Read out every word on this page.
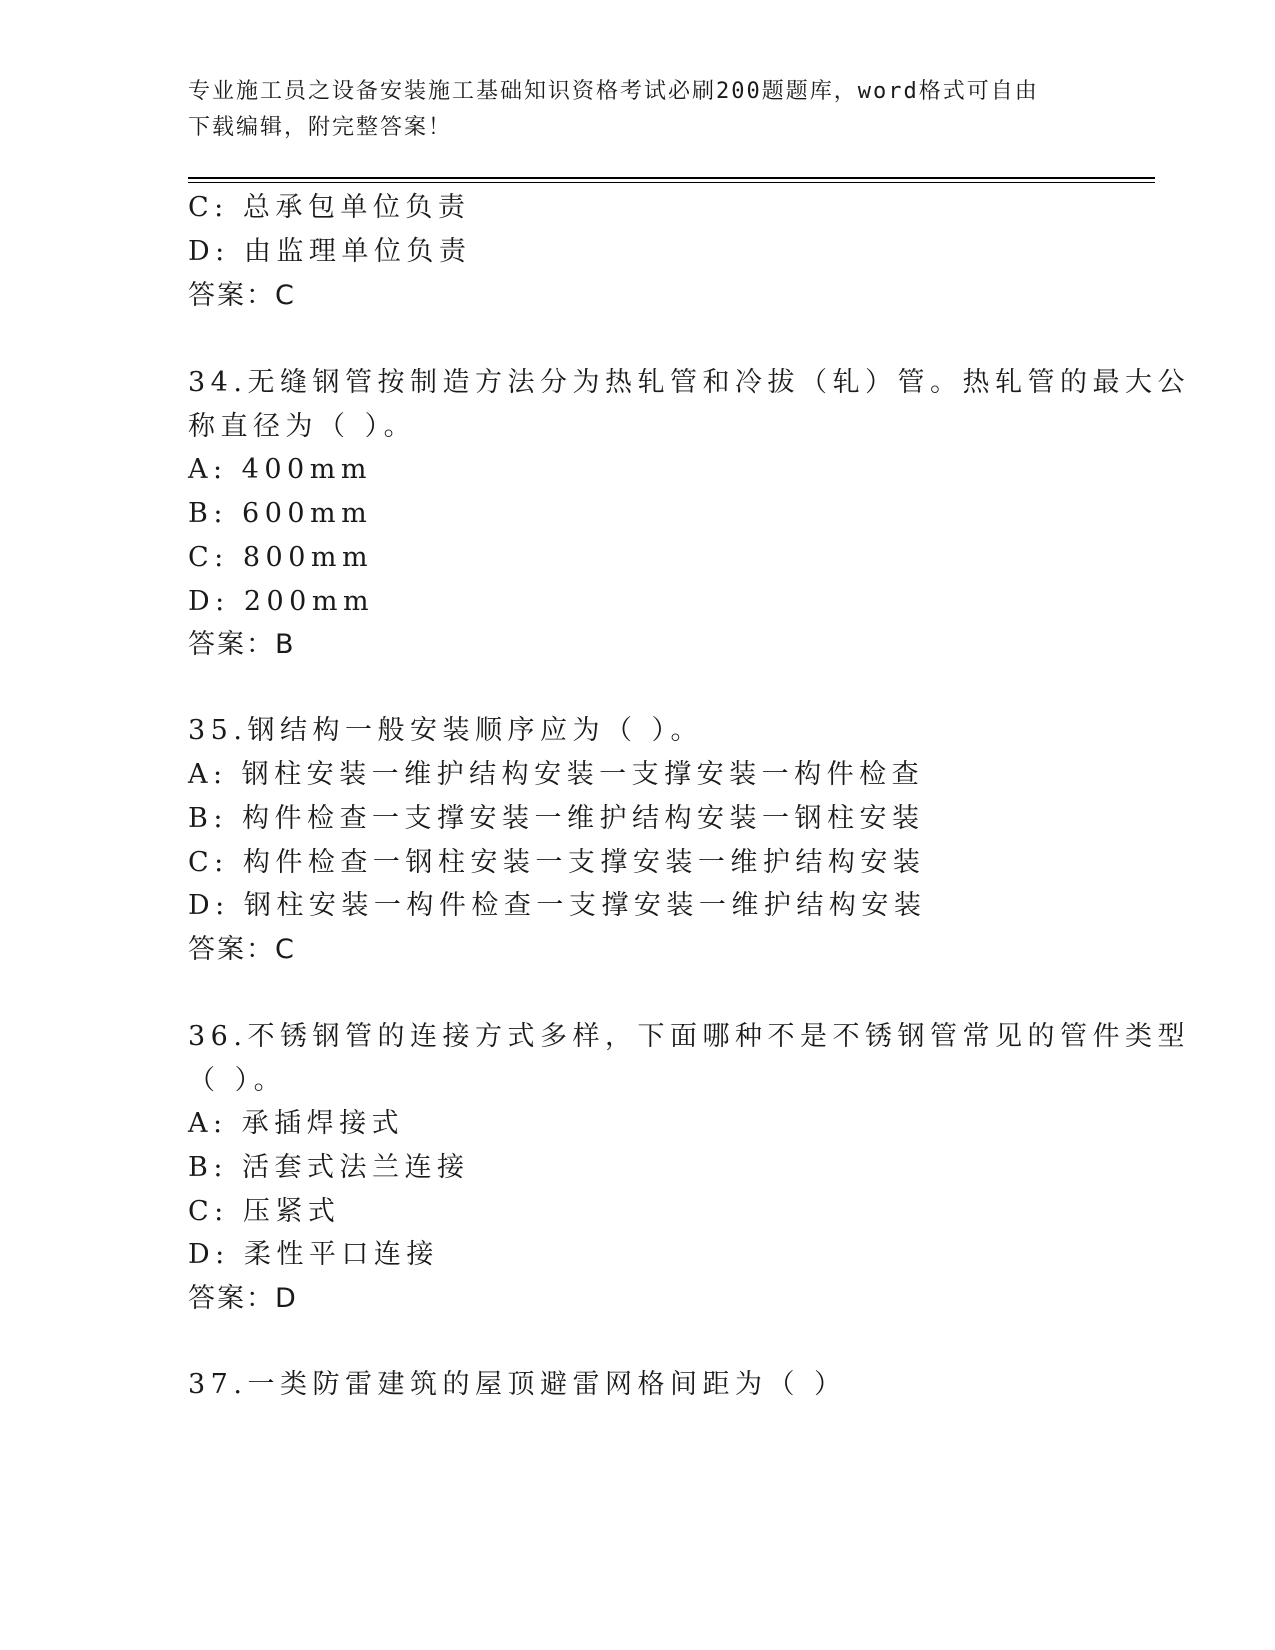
专业施工员之设备安装施工基础知识资格考试必刷200题题库，word格式可自由
下载编辑，附完整答案！
C: 总承包单位负责
D: 由监理单位负责
答案：C
34.无缝钢管按制造方法分为热轧管和冷拔（轧）管。热轧管的最大公
称直径为（ ）。
A: 400mm
B: 600mm
C: 800mm
D: 200mm
答案：B
35.钢结构一般安装顺序应为（ ）。
A: 钢柱安装一维护结构安装一支撑安装一构件检查
B: 构件检查一支撑安装一维护结构安装一钢柱安装
C: 构件检查一钢柱安装一支撑安装一维护结构安装
D: 钢柱安装一构件检查一支撑安装一维护结构安装
答案：C
36.不锈钢管的连接方式多样，下面哪种不是不锈钢管常见的管件类型
（ ）。
A: 承插焊接式
B: 活套式法兰连接
C: 压紧式
D: 柔性平口连接
答案：D
37.一类防雷建筑的屋顶避雷网格间距为（ ）
